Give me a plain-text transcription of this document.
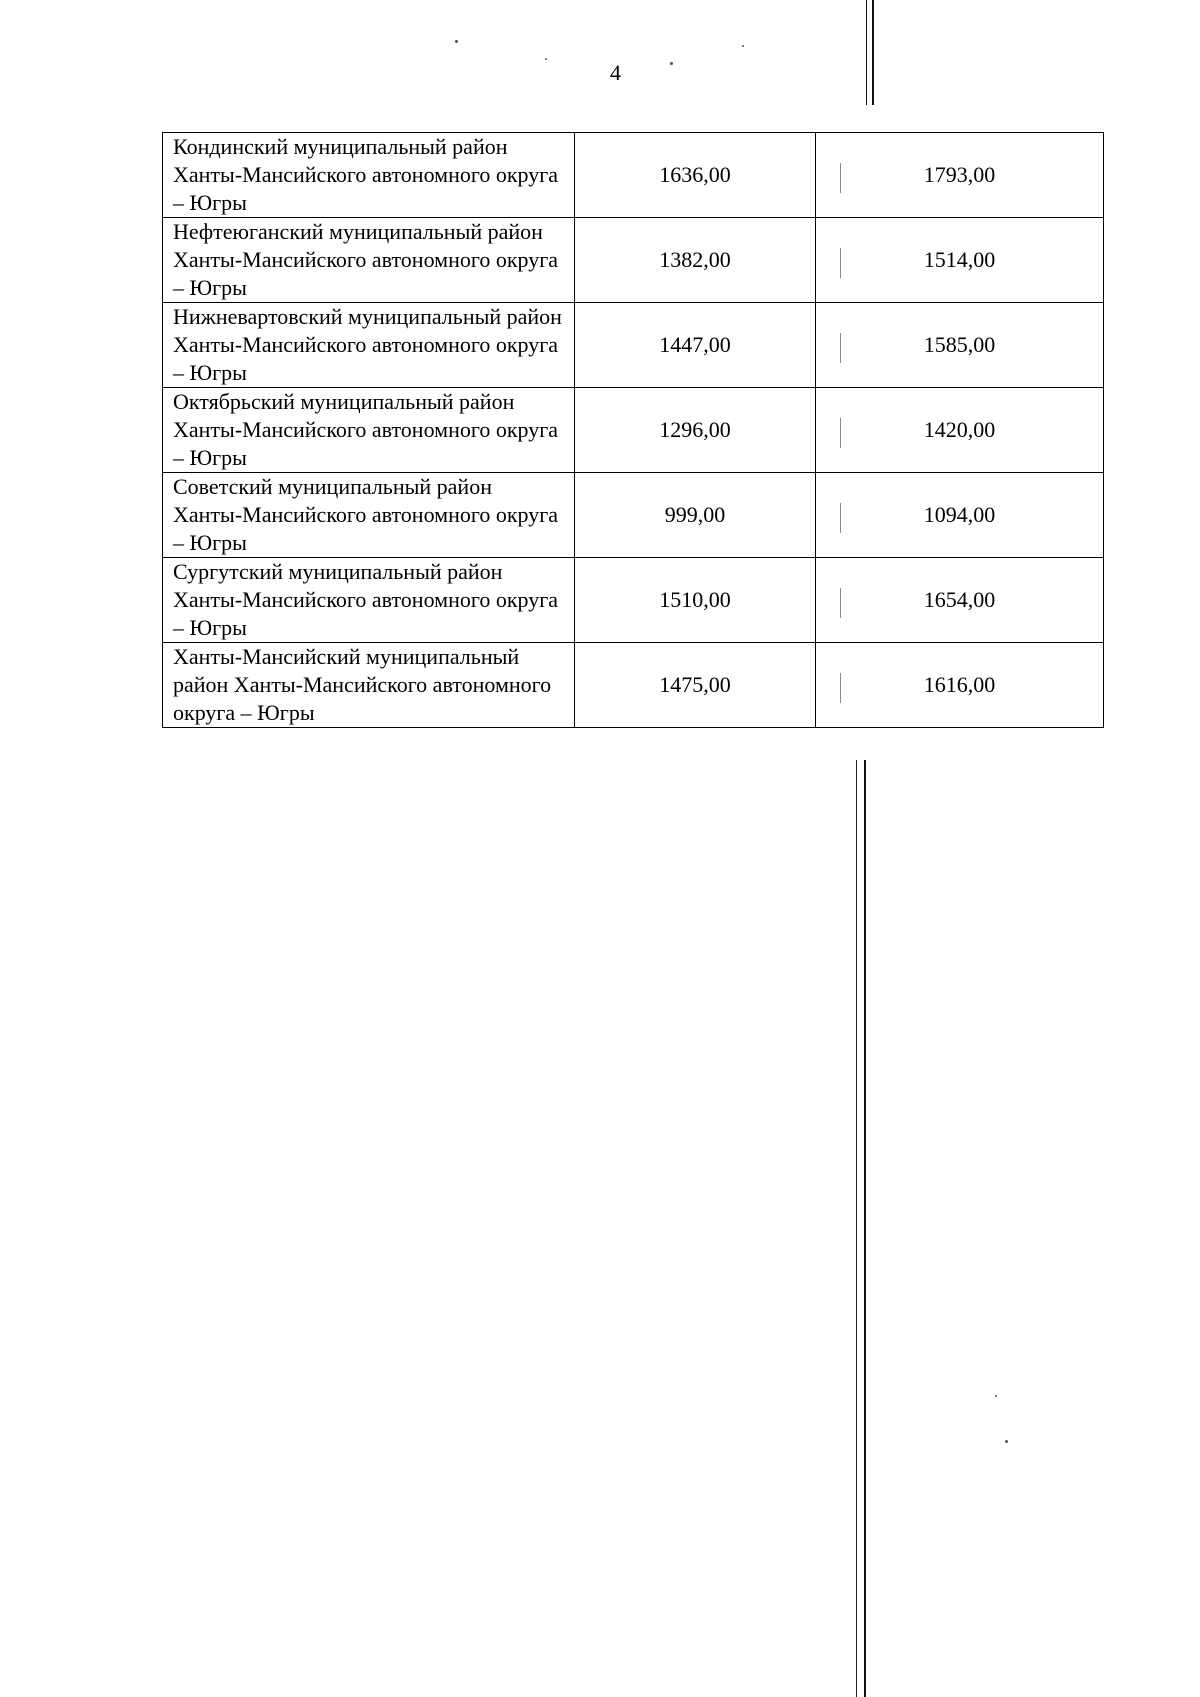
4
Кондинский муниципальный район Ханты-Мансийского автономного округа – Югры	1636,00	1793,00
Нефтеюганский муниципальный район Ханты-Мансийского автономного округа – Югры	1382,00	1514,00
Нижневартовский муниципальный район Ханты-Мансийского автономного округа – Югры	1447,00	1585,00
Октябрьский муниципальный район Ханты-Мансийского автономного округа – Югры	1296,00	1420,00
Советский муниципальный район Ханты-Мансийского автономного округа – Югры	999,00	1094,00
Сургутский муниципальный район Ханты-Мансийского автономного округа – Югры	1510,00	1654,00
Ханты-Мансийский муниципальный район Ханты-Мансийского автономного округа – Югры	1475,00	1616,00
